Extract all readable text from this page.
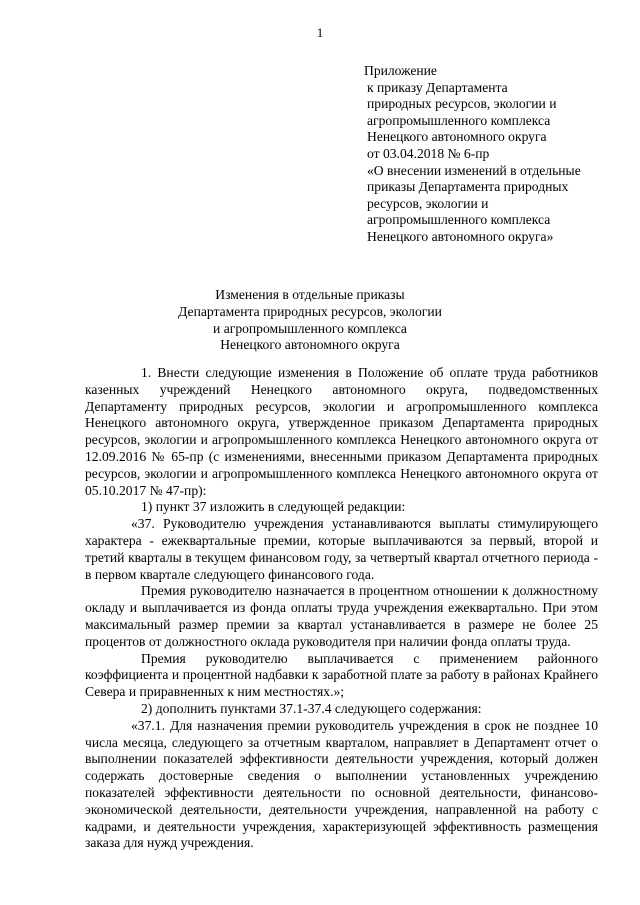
1
Приложение
к приказу Департамента
природных ресурсов, экологии и
агропромышленного комплекса
Ненецкого автономного округа
от 03.04.2018 № 6-пр
«О внесении изменений в отдельные
приказы Департамента природных
ресурсов, экологии и
агропромышленного комплекса
Ненецкого автономного округа»
Изменения в отдельные приказы
Департамента природных ресурсов, экологии
и агропромышленного комплекса
Ненецкого автономного округа

1. Внести следующие изменения в Положение об оплате труда работников казенных учреждений Ненецкого автономного округа, подведомственных Департаменту природных ресурсов, экологии и агропромышленного комплекса Ненецкого автономного округа, утвержденное приказом Департамента природных ресурсов, экологии и агропромышленного комплекса Ненецкого автономного округа от 12.09.2016 № 65-пр (с изменениями, внесенными приказом Департамента природных ресурсов, экологии и агропромышленного комплекса Ненецкого автономного округа от 05.10.2017 № 47-пр):

1) пункт 37 изложить в следующей редакции:

«37. Руководителю учреждения устанавливаются выплаты стимулирующего характера - ежеквартальные премии, которые выплачиваются за первый, второй и третий кварталы в текущем финансовом году, за четвертый квартал отчетного периода - в первом квартале следующего финансового года.

Премия руководителю назначается в процентном отношении к должностному окладу и выплачивается из фонда оплаты труда учреждения ежеквартально. При этом максимальный размер премии за квартал устанавливается в размере не более 25 процентов от должностного оклада руководителя при наличии фонда оплаты труда.

Премия руководителю выплачивается с применением районного коэффициента и процентной надбавки к заработной плате за работу в районах Крайнего Севера и приравненных к ним местностях.»;

2) дополнить пунктами 37.1-37.4 следующего содержания:

«37.1. Для назначения премии руководитель учреждения в срок не позднее 10 числа месяца, следующего за отчетным кварталом, направляет в Департамент отчет о выполнении показателей эффективности деятельности учреждения, который должен содержать достоверные сведения о выполнении установленных учреждению показателей эффективности деятельности по основной деятельности, финансово-экономической деятельности, деятельности учреждения, направленной на работу с кадрами, и деятельности учреждения, характеризующей эффективность размещения заказа для нужд учреждения.
